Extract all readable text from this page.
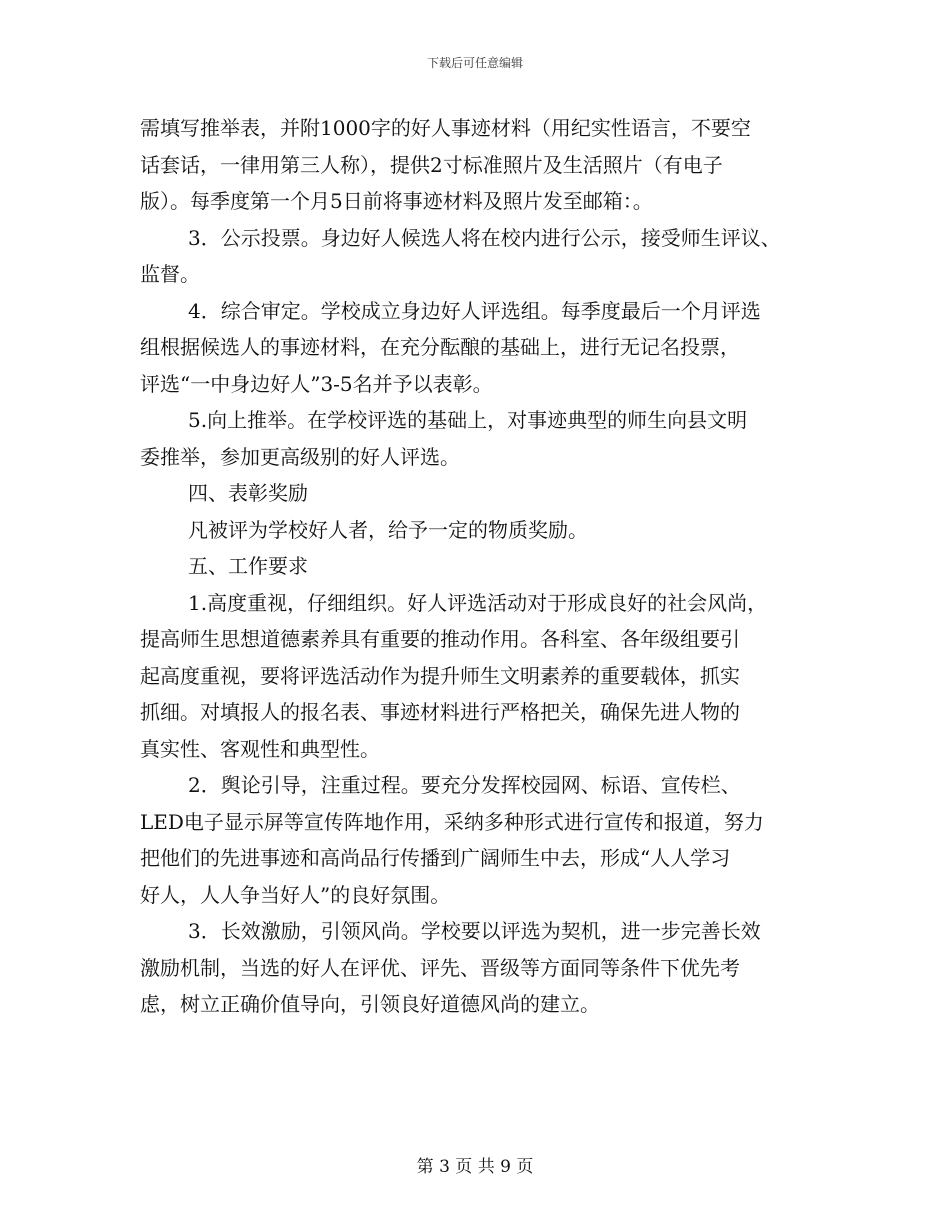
下载后可任意编辑
需填写推举表，并附1000字的好人事迹材料（用纪实性语言，不要空
话套话，一律用第三人称），提供2寸标准照片及生活照片（有电子
版）。每季度第一个月5日前将事迹材料及照片发至邮箱：。
3．公示投票。身边好人候选人将在校内进行公示，接受师生评议、
监督。
4．综合审定。学校成立身边好人评选组。每季度最后一个月评选
组根据候选人的事迹材料，在充分酝酿的基础上，进行无记名投票，
评选“一中身边好人”3-5名并予以表彰。
5.向上推举。在学校评选的基础上，对事迹典型的师生向县文明
委推举，参加更高级别的好人评选。
四、表彰奖励
凡被评为学校好人者，给予一定的物质奖励。
五、工作要求
1.高度重视，仔细组织。好人评选活动对于形成良好的社会风尚，
提高师生思想道德素养具有重要的推动作用。各科室、各年级组要引
起高度重视，要将评选活动作为提升师生文明素养的重要载体，抓实
抓细。对填报人的报名表、事迹材料进行严格把关，确保先进人物的
真实性、客观性和典型性。
2．舆论引导，注重过程。要充分发挥校园网、标语、宣传栏、
LED电子显示屏等宣传阵地作用，采纳多种形式进行宣传和报道，努力
把他们的先进事迹和高尚品行传播到广阔师生中去，形成“人人学习
好人，人人争当好人”的良好氛围。
3．长效激励，引领风尚。学校要以评选为契机，进一步完善长效
激励机制，当选的好人在评优、评先、晋级等方面同等条件下优先考
虑，树立正确价值导向，引领良好道德风尚的建立。
第 3 页 共 9 页
